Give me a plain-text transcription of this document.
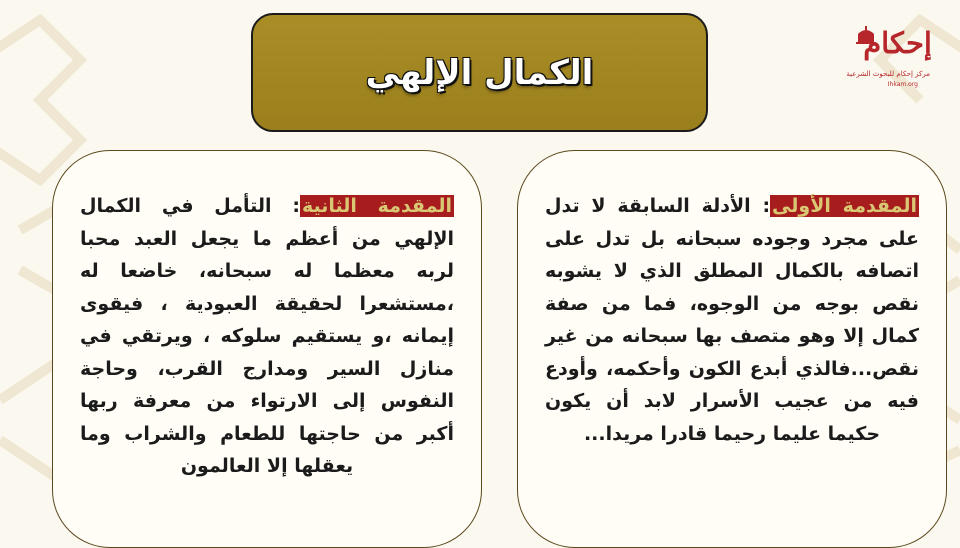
الكمال الإلهي
إحكام
مركز إحكام للبحوث الشرعية
Ihkam.org
المقدمة الأولى: الأدلة السابقة لا تدل على مجرد وجوده سبحانه بل تدل على اتصافه بالكمال المطلق الذي لا يشوبه نقص بوجه من الوجوه، فما من صفة كمال إلا وهو متصف بها سبحانه من غير نقص...فالذي أبدع الكون وأحكمه، وأودع فيه من عجيب الأسرار لابد أن يكون حكيما عليما رحيما قادرا مريدا...
المقدمة الثانية: التأمل في الكمال الإلهي من أعظم ما يجعل العبد محبا لربه معظما له سبحانه، خاضعا له ،مستشعرا لحقيقة العبودية ، فيقوى إيمانه ،و يستقيم سلوكه ، ويرتقي في منازل السير ومدارج القرب، وحاجة النفوس إلى الارتواء من معرفة ربها أكبر من حاجتها للطعام والشراب وما يعقلها إلا العالمون
